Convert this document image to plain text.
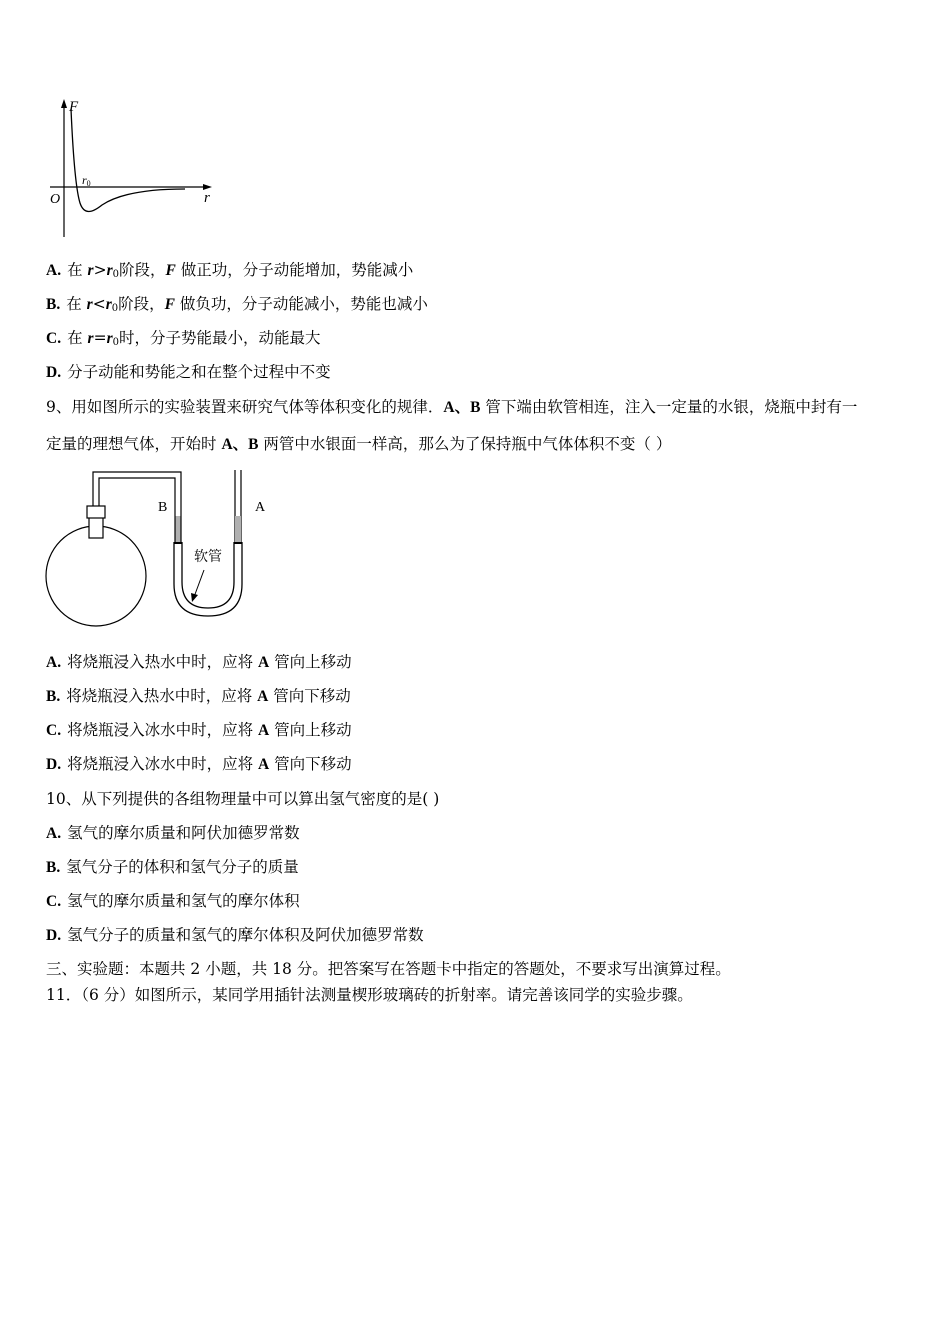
F
r
O
r0
A. 在 $r>r_0$阶段，F 做正功，分子动能增加，势能减小
B. 在 $r<r_0$阶段，F 做负功，分子动能减小，势能也减小
C. 在 $r=r_0$时，分子势能最小，动能最大
D. 分子动能和势能之和在整个过程中不变
9、用如图所示的实验装置来研究气体等体积变化的规律．A、B 管下端由软管相连，注入一定量的水银，烧瓶中封有一
定量的理想气体，开始时 A、B 两管中水银面一样高，那么为了保持瓶中气体体积不变（ ）
B	A
软管
A. 将烧瓶浸入热水中时，应将 A 管向上移动
B. 将烧瓶浸入热水中时，应将 A 管向下移动
C. 将烧瓶浸入冰水中时，应将 A 管向上移动
D. 将烧瓶浸入冰水中时，应将 A 管向下移动
10、从下列提供的各组物理量中可以算出氢气密度的是( )
A. 氢气的摩尔质量和阿伏加德罗常数
B. 氢气分子的体积和氢气分子的质量
C. 氢气的摩尔质量和氢气的摩尔体积
D. 氢气分子的质量和氢气的摩尔体积及阿伏加德罗常数
三、实验题：本题共 2 小题，共 18 分。把答案写在答题卡中指定的答题处，不要求写出演算过程。
11．（6 分）如图所示，某同学用插针法测量楔形玻璃砖的折射率。请完善该同学的实验步骤。
